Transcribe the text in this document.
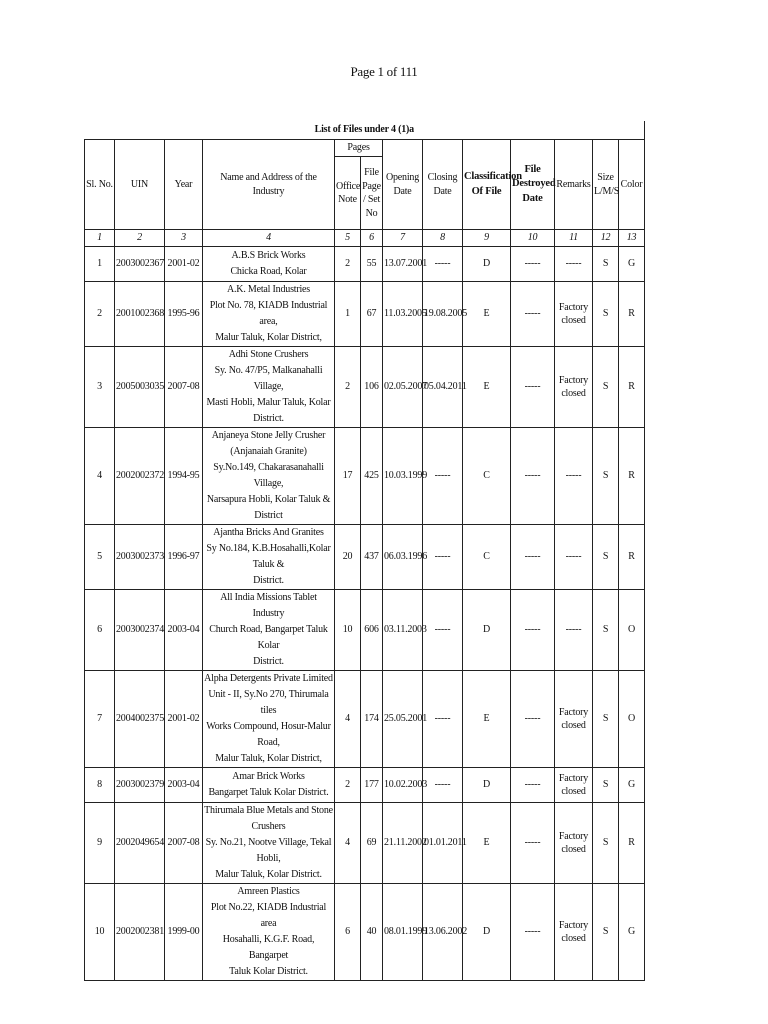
Page 1 of 111
List of Files under 4 (1)a												
Sl. No.	UIN	Year	Name and Address of the Industry	Pages		Opening Date	Closing Date	Classification Of File	File Destroyed Date	Remarks	Size L/M/S	Color
				Office Note	File Page / Set No							
1	2	3	4	5	6	7	8	9	10	11	12	13
1	2003002367	2001-02	A.B.S Brick Works
Chicka Road, Kolar	2	55	13.07.2001	-----	D	-----	-----	S	G
2	2001002368	1995-96	A.K. Metal Industries
Plot No. 78, KIADB Industrial area,
Malur Taluk, Kolar District,	1	67	11.03.2005	19.08.2005	E	-----	Factory closed	S	R
3	2005003035	2007-08	Adhi Stone Crushers
Sy. No. 47/P5, Malkanahalli Village,
Masti Hobli, Malur Taluk, Kolar District.	2	106	02.05.2007	05.04.2011	E	-----	Factory closed	S	R
4	2002002372	1994-95	Anjaneya Stone Jelly Crusher
(Anjanaiah Granite)
Sy.No.149, Chakarasanahalli Village,
Narsapura Hobli, Kolar Taluk & District	17	425	10.03.1999	-----	C	-----	-----	S	R
5	2003002373	1996-97	Ajantha Bricks And Granites
Sy No.184, K.B.Hosahalli,Kolar Taluk &
District.	20	437	06.03.1996	-----	C	-----	-----	S	R
6	2003002374	2003-04	All India Missions Tablet Industry
Church Road, Bangarpet Taluk Kolar
District.	10	606	03.11.2003	-----	D	-----	-----	S	O
7	2004002375	2001-02	Alpha Detergents Private Limited
Unit - II, Sy.No 270, Thirumala tiles
Works Compound, Hosur-Malur Road,
Malur Taluk, Kolar District,	4	174	25.05.2001	-----	E	-----	Factory closed	S	O
8	2003002379	2003-04	Amar Brick Works
Bangarpet Taluk Kolar District.	2	177	10.02.2003	-----	D	-----	Factory closed	S	G
9	2002049654	2007-08	Thirumala Blue Metals and Stone
Crushers
Sy. No.21, Nootve Village, Tekal Hobli,
Malur Taluk, Kolar District.	4	69	21.11.2002	01.01.2011	E	-----	Factory closed	S	R
10	2002002381	1999-00	Amreen Plastics
Plot No.22, KIADB Industrial area
Hosahalli, K.G.F. Road, Bangarpet
Taluk Kolar District.	6	40	08.01.1999	13.06.2002	D	-----	Factory closed	S	G
